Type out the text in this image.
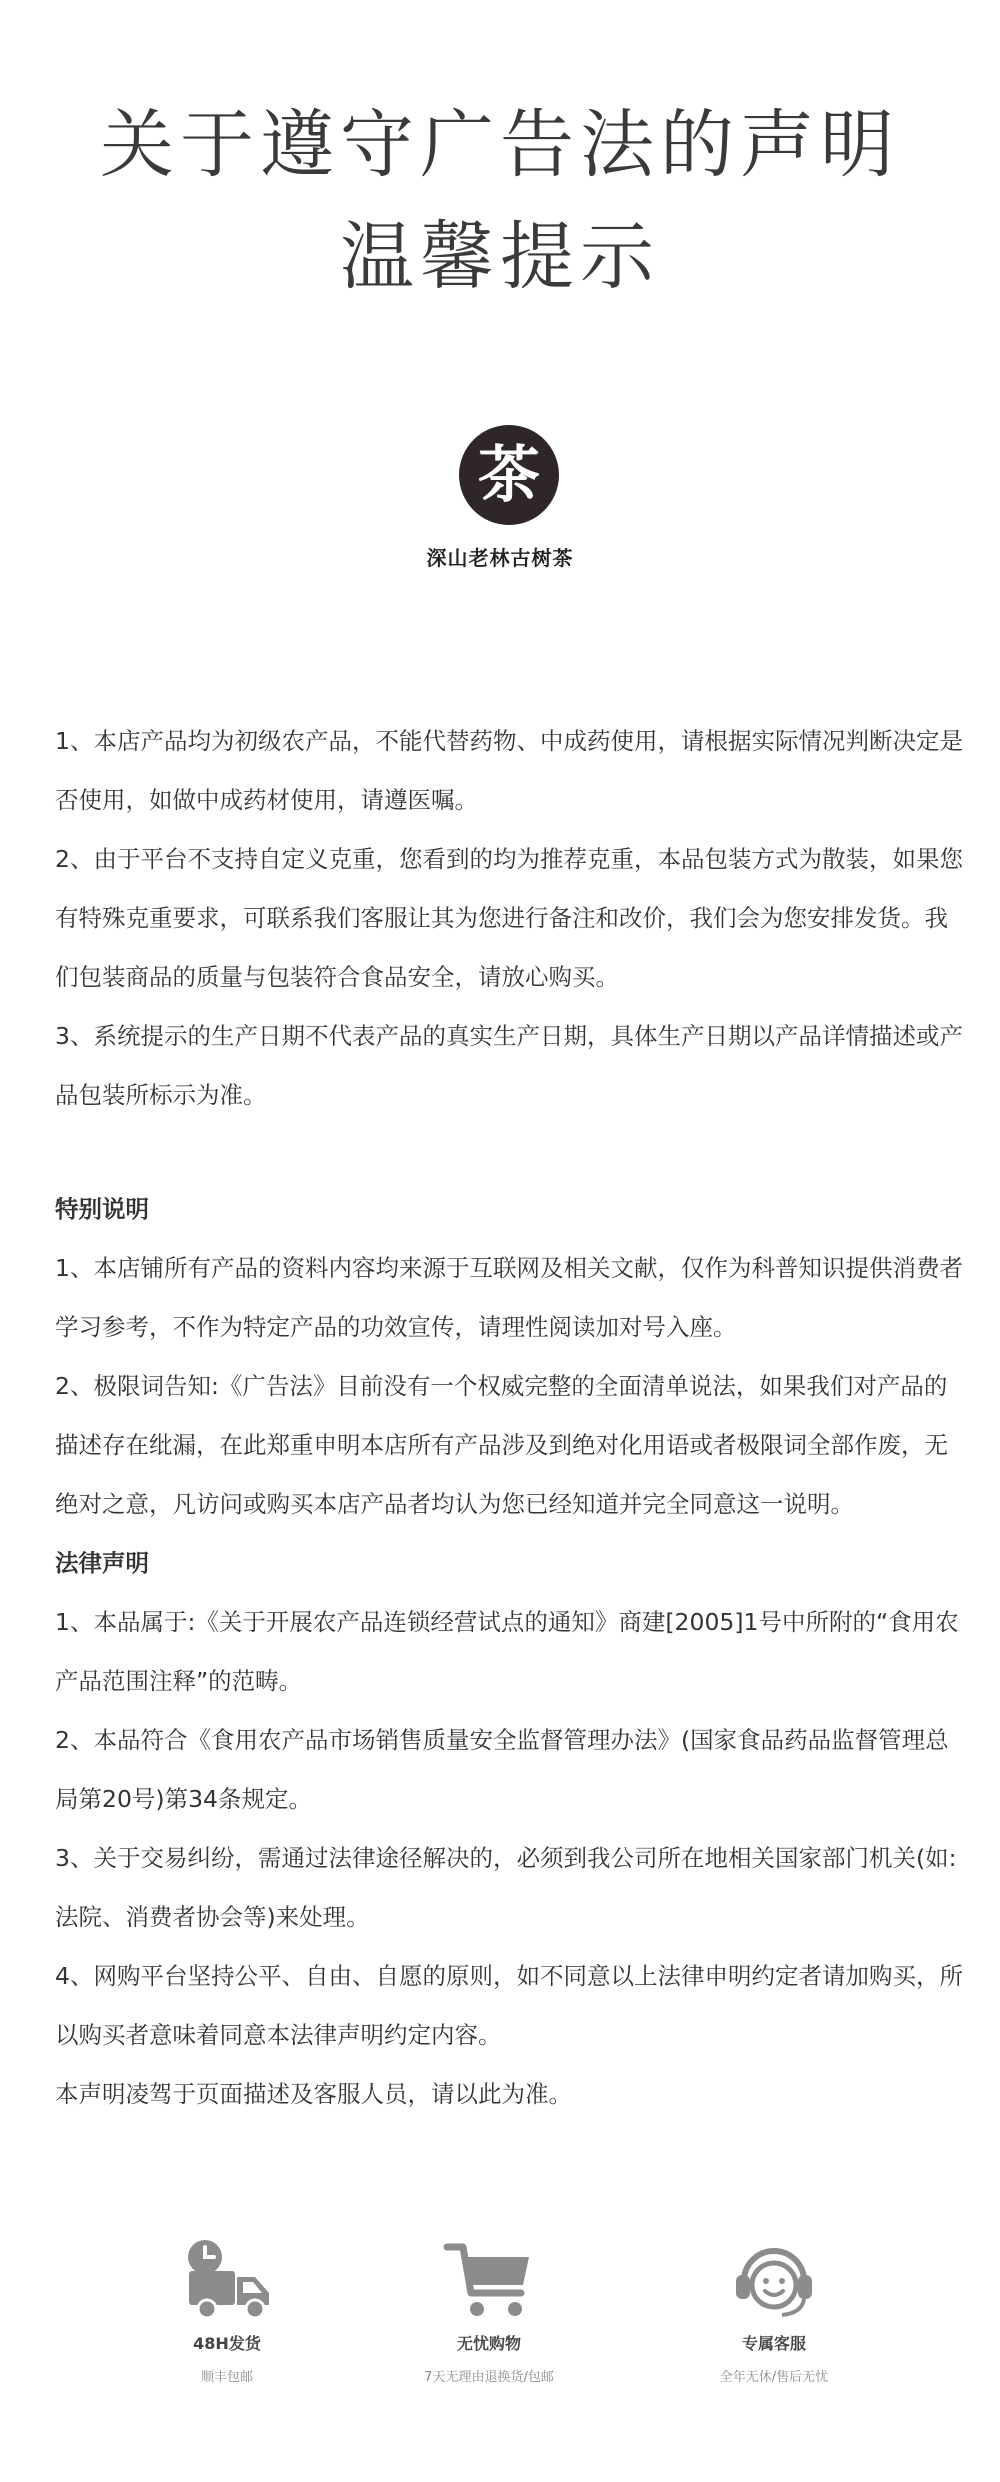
关于遵守广告法的声明
温馨提示
茶
深山老林古树茶

1、本店产品均为初级农产品，不能代替药物、中成药使用，请根据实际情况判断决定是否使用，如做中成药材使用，请遵医嘱。

2、由于平台不支持自定义克重，您看到的均为推荐克重，本品包装方式为散装，如果您有特殊克重要求，可联系我们客服让其为您进行备注和改价，我们会为您安排发货。我们包装商品的质量与包装符合食品安全，请放心购买。

3、系统提示的生产日期不代表产品的真实生产日期，具体生产日期以产品详情描述或产品包装所标示为准。

特别说明

1、本店铺所有产品的资料内容均来源于互联网及相关文献，仅作为科普知识提供消费者学习参考，不作为特定产品的功效宣传，请理性阅读加对号入座。

2、极限词告知:《广告法》目前没有一个权威完整的全面清单说法，如果我们对产品的描述存在纰漏，在此郑重申明本店所有产品涉及到绝对化用语或者极限词全部作废，无绝对之意，凡访问或购买本店产品者均认为您已经知道并完全同意这一说明。

法律声明

1、本品属于:《关于开展农产品连锁经营试点的通知》商建[2005]1号中所附的“食用农产品范围注释”的范畴。

2、本品符合《食用农产品市场销售质量安全监督管理办法》(国家食品药品监督管理总局第20号)第34条规定。

3、关于交易纠纷，需通过法律途径解决的，必须到我公司所在地相关国家部门机关(如:法院、消费者协会等)来处理。

4、网购平台坚持公平、自由、自愿的原则，如不同意以上法律申明约定者请加购买，所以购买者意味着同意本法律声明约定内容。

本声明凌驾于页面描述及客服人员，请以此为准。

48H发货
顺丰包邮
无忧购物
7天无理由退换货/包邮
专属客服
全年无休/售后无忧
